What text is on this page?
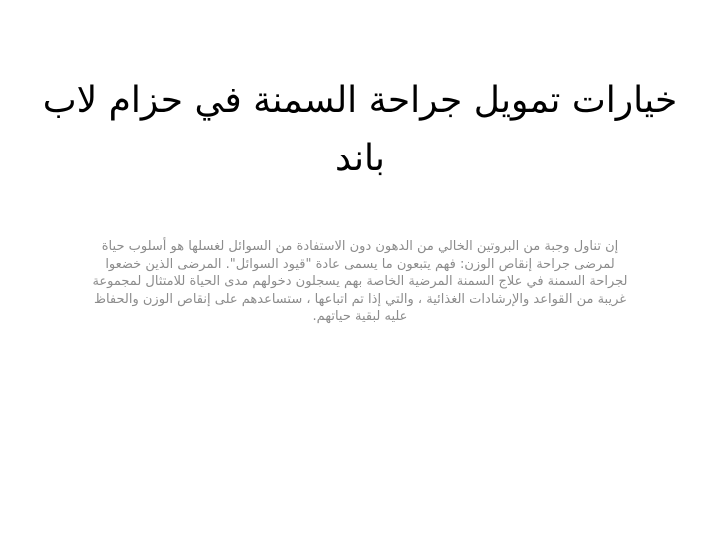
خيارات تمويل جراحة السمنة في حزام لاب باند

إن تناول وجبة من البروتين الخالي من الدهون دون الاستفادة من السوائل لغسلها هو أسلوب حياة لمرضى جراحة إنقاص الوزن: فهم يتبعون ما يسمى عادة "قيود السوائل". المرضى الذين خضعوا لجراحة السمنة في علاج السمنة المرضية الخاصة بهم يسجلون دخولهم مدى الحياة للامتثال لمجموعة غريبة من القواعد والإرشادات الغذائية ، والتي إذا تم اتباعها ، ستساعدهم على إنقاص الوزن والحفاظ عليه لبقية حياتهم.
